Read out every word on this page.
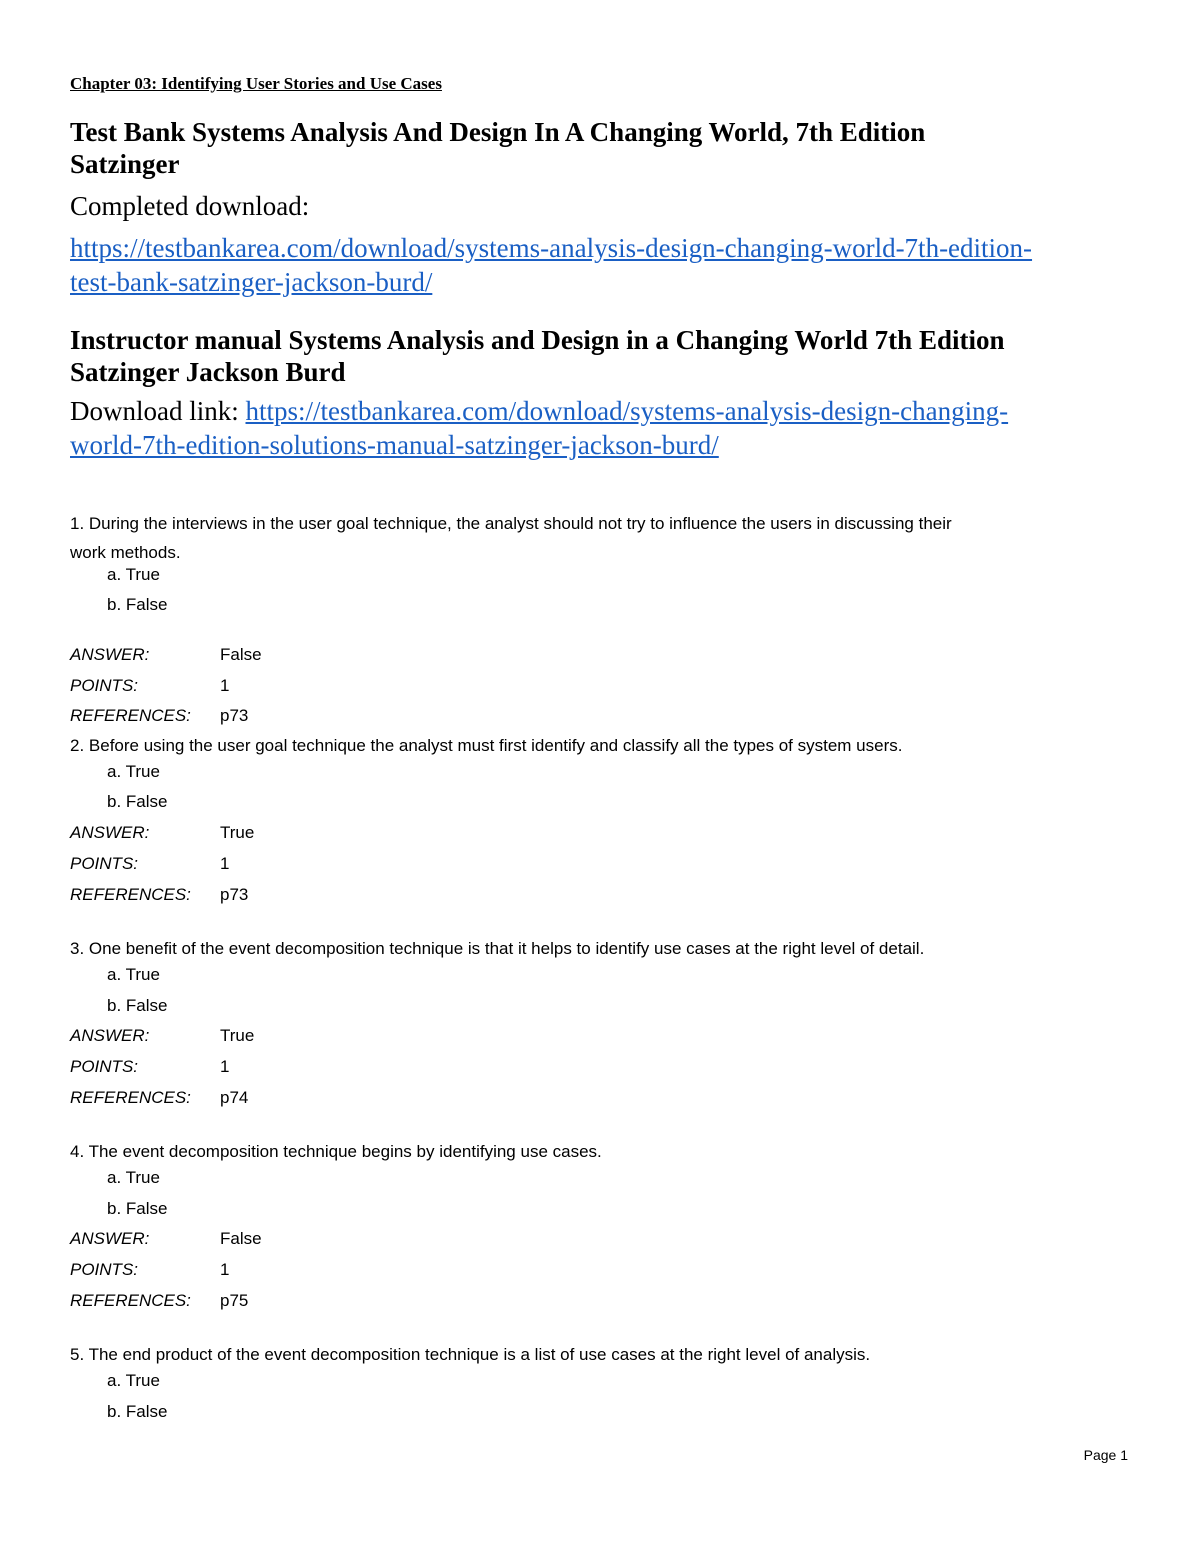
Chapter 03: Identifying User Stories and Use Cases
Test Bank Systems Analysis And Design In A Changing World, 7th Edition
Satzinger
Completed download:
https://testbankarea.com/download/systems-analysis-design-changing-world-7th-edition-
test-bank-satzinger-jackson-burd/
Instructor manual Systems Analysis and Design in a Changing World 7th Edition
Satzinger Jackson Burd
Download link: https://testbankarea.com/download/systems-analysis-design-changing-
world-7th-edition-solutions-manual-satzinger-jackson-burd/
1. During the interviews in the user goal technique, the analyst should not try to influence the users in discussing their
work methods.
a. True
b. False
ANSWER:	False
POINTS:	1
REFERENCES: p73
2. Before using the user goal technique the analyst must first identify and classify all the types of system users.
a. True
b. False
ANSWER:	True
POINTS:	1
REFERENCES: p73
3. One benefit of the event decomposition technique is that it helps to identify use cases at the right level of detail.
a. True
b. False
ANSWER:	True
POINTS:	1
REFERENCES: p74
4. The event decomposition technique begins by identifying use cases.
a. True
b. False
ANSWER:	False
POINTS:	1
REFERENCES: p75
5. The end product of the event decomposition technique is a list of use cases at the right level of analysis.
a. True
b. False
Page 1
